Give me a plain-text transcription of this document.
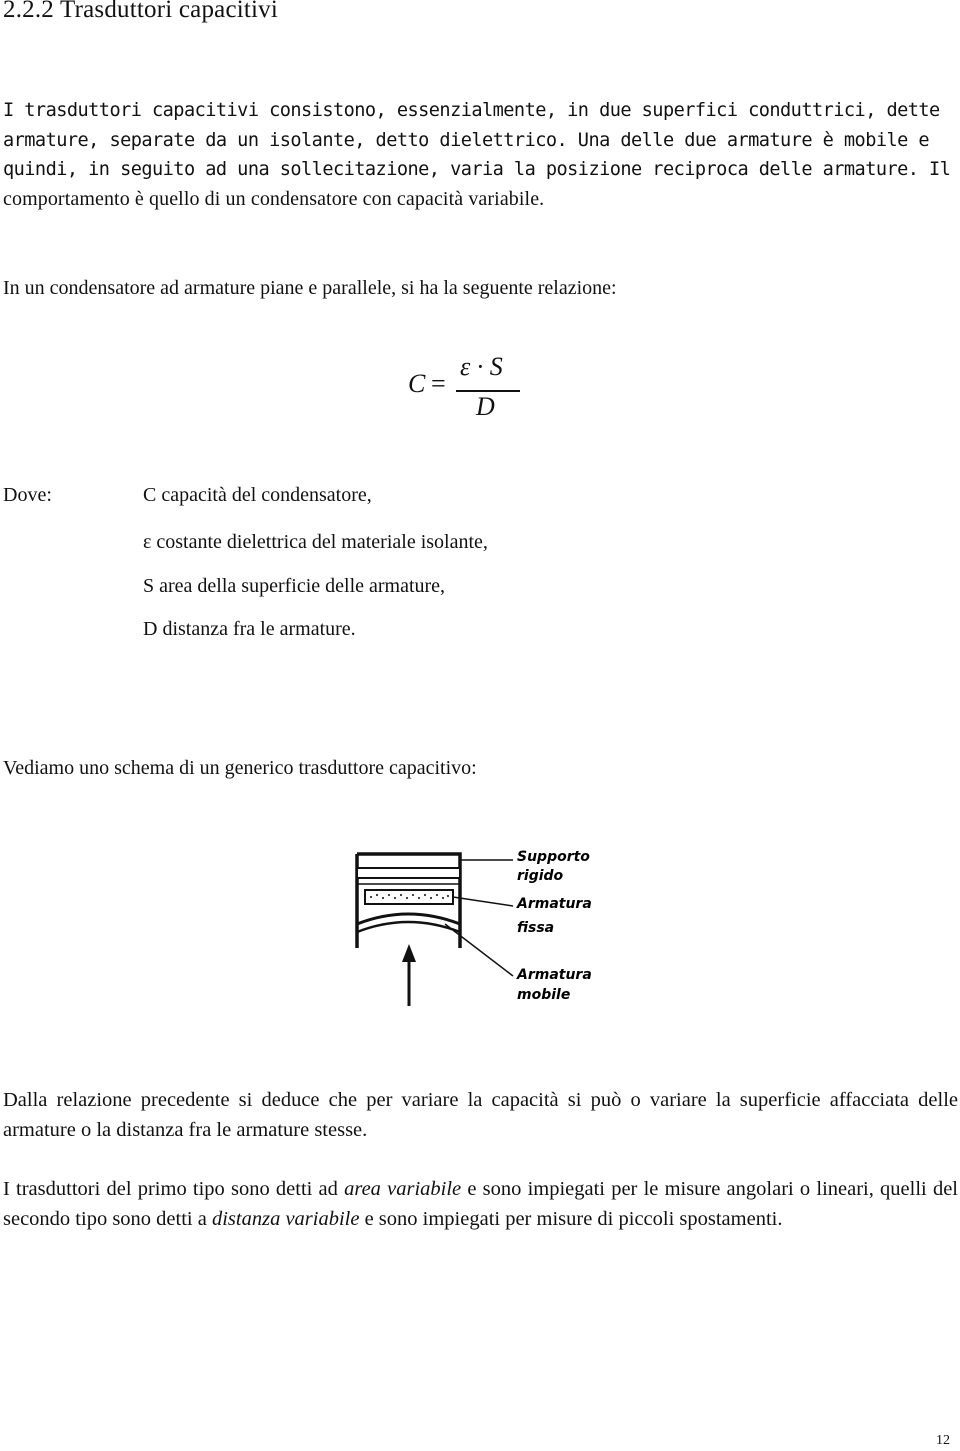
2.2.2 Trasduttori capacitivi
I trasduttori capacitivi consistono, essenzialmente, in due superfici conduttrici, dette
armature, separate da un isolante, detto dielettrico. Una delle due armature è mobile e
quindi, in seguito ad una sollecitazione, varia la posizione reciproca delle armature. Il
comportamento è quello di un condensatore con capacità variabile.
In un condensatore ad armature piane e parallele, si ha la seguente relazione:
C =
ε · S
D
Dove:	C capacità del condensatore,
ε costante dielettrica del materiale isolante,
S area della superficie delle armature,
D distanza fra le armature.
Vediamo uno schema di un generico trasduttore capacitivo:
Supporto
rigido
Armatura
fissa
Armatura
mobile
Dalla relazione precedente si deduce che per variare la capacità si può o variare la superficie affacciata delle armature o la distanza fra le armature stesse.
I trasduttori del primo tipo sono detti ad area variabile e sono impiegati per le misure angolari o lineari, quelli del secondo tipo sono detti a distanza variabile e sono impiegati per misure di piccoli spostamenti.
12
